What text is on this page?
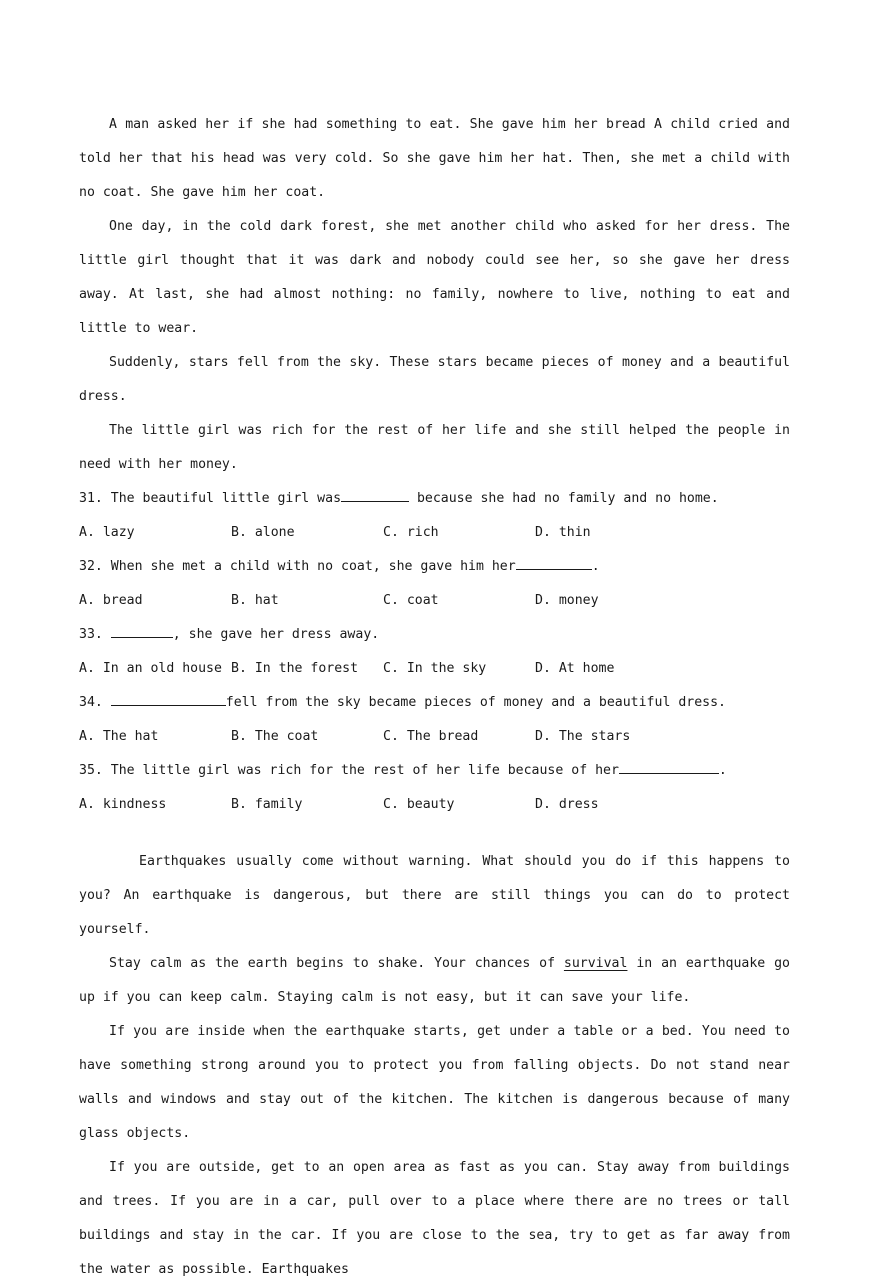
A man asked her if she had something to eat. She gave him her bread A child cried and told her that his head was very cold. So she gave him her hat. Then, she met a child with no coat. She gave him her coat.

One day, in the cold dark forest, she met another child who asked for her dress. The little girl thought that it was dark and nobody could see her, so she gave her dress away. At last, she had almost nothing: no family, nowhere to live, nothing to eat and little to wear.

Suddenly, stars fell from the sky. These stars became pieces of money and a beautiful dress.

The little girl was rich for the rest of her life and she still helped the people in need with her money.

31. The beautiful little girl was	because she had no family and no home.

A. lazy	B. alone	C. rich	D. thin

32. When she met a child with no coat, she gave him her	.

A. bread	B. hat	C. coat	D. money

33.	, she gave her dress away.

A. In an old house B. In the forest	C. In the sky	D. At home

34.	fell from the sky became pieces of money and a beautiful dress.

A. The hat	B. The coat	C. The bread	D. The stars

35. The little girl was rich for the rest of her life because of her	.

A. kindness	B. family	C. beauty	D. dress

Earthquakes usually come without warning. What should you do if this happens to you? An earthquake is dangerous, but there are still things you can do to protect yourself.

Stay calm as the earth begins to shake. Your chances of survival in an earthquake go up if you can keep calm. Staying calm is not easy, but it can save your life.

If you are inside when the earthquake starts, get under a table or a bed. You need to have something strong around you to protect you from falling objects. Do not stand near walls and windows and stay out of the kitchen. The kitchen is dangerous because of many glass objects.

If you are outside, get to an open area as fast as you can. Stay away from buildings and trees. If you are in a car, pull over to a place where there are no trees or tall buildings and stay in the car. If you are close to the sea, try to get as far away from the water as possible. Earthquakes
